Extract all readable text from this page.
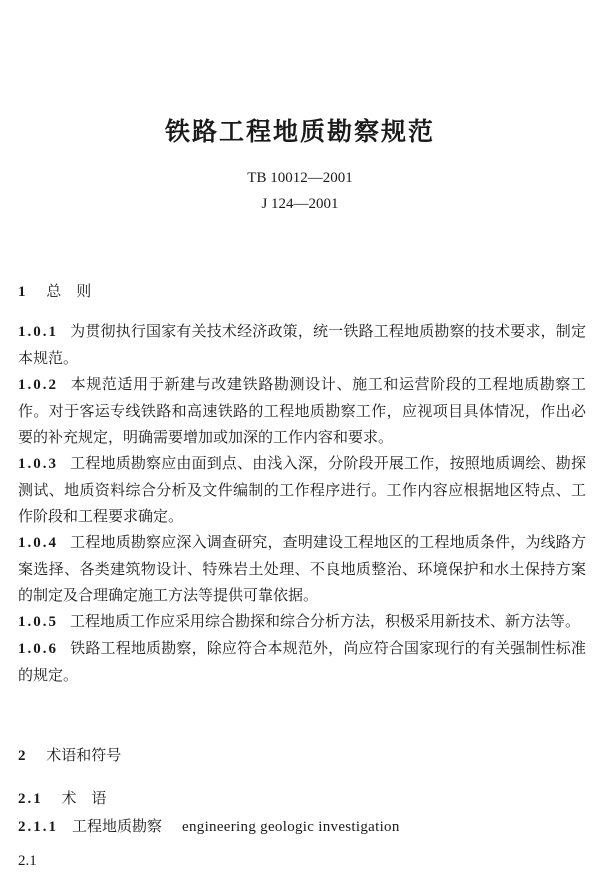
铁路工程地质勘察规范
TB 10012—2001
J 124—2001
1 总　则

1.0.1 为贯彻执行国家有关技术经济政策，统一铁路工程地质勘察的技术要求，制定本规范。

1.0.2 本规范适用于新建与改建铁路勘测设计、施工和运营阶段的工程地质勘察工作。对于客运专线铁路和高速铁路的工程地质勘察工作，应视项目具体情况，作出必要的补充规定，明确需要增加或加深的工作内容和要求。

1.0.3 工程地质勘察应由面到点、由浅入深，分阶段开展工作，按照地质调绘、勘探测试、地质资料综合分析及文件编制的工作程序进行。工作内容应根据地区特点、工作阶段和工程要求确定。

1.0.4 工程地质勘察应深入调查研究，查明建设工程地区的工程地质条件，为线路方案选择、各类建筑物设计、特殊岩土处理、不良地质整治、环境保护和水土保持方案的制定及合理确定施工方法等提供可靠依据。

1.0.5 工程地质工作应采用综合勘探和综合分析方法，积极采用新技术、新方法等。

1.0.6 铁路工程地质勘察，除应符合本规范外，尚应符合国家现行的有关强制性标准的规定。

2 术语和符号
2.1 术　语
2.1.1 工程地质勘察 engineering geologic investigation
2.1
